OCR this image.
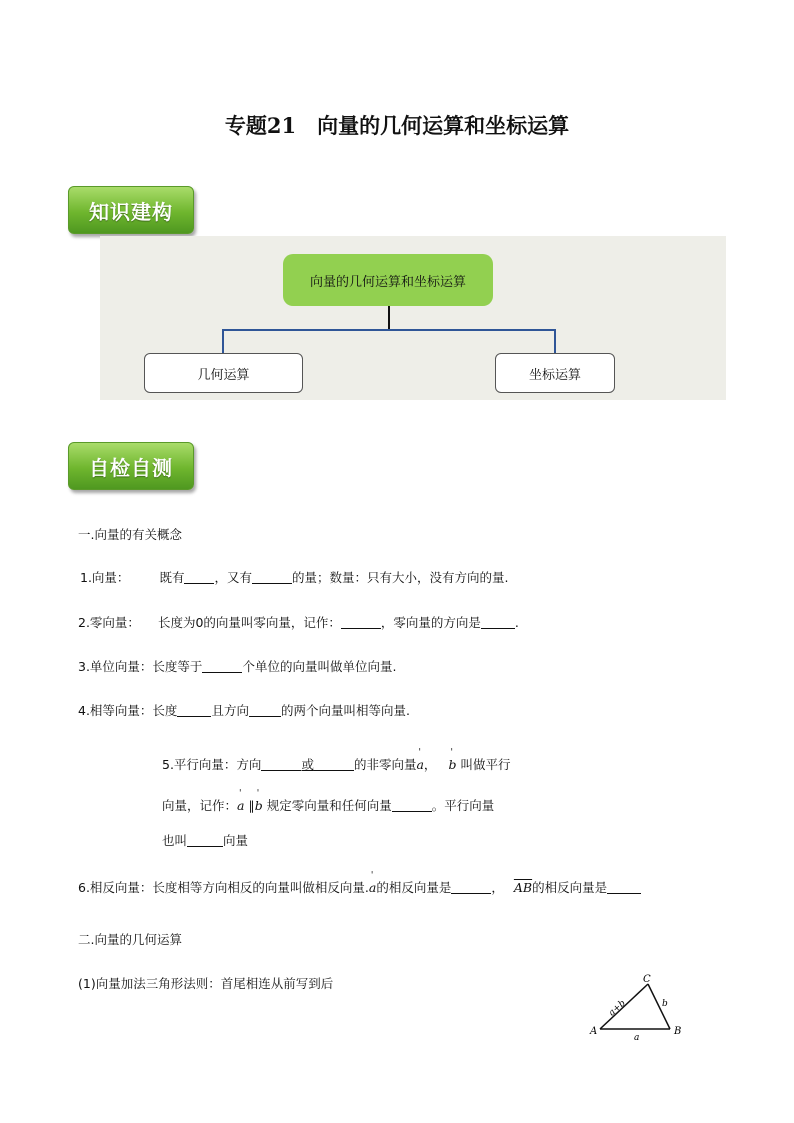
专题21　向量的几何运算和坐标运算
知识建构
向量的几何运算和坐标运算
几何运算	坐标运算
自检自测
一.向量的有关概念
1.向量： 既有 ，又有	的量；数量：只有大小，没有方向的量.
2.零向量： 长度为0的向量叫零向量，记作：	，零向量的方向是	.
3.单位向量：长度等于	个单位的向量叫做单位向量.
4.相等向量：长度	且方向	的两个向量叫相等向量.
5.平行向量：方向	或	的非零向量' a， ' b 叫做平行
向量，记作：' a ∥' b 规定零向量和任何向量	。平行向量
也叫	向量
6.相反向量：长度相等方向相反的向量叫做相反向量.' a的相反向量是	， $\overline{AB}$的相反向量是
二.向量的几何运算
(1)向量加法三角形法则：首尾相连从前写到后
A	B
C
a
b
a+b
